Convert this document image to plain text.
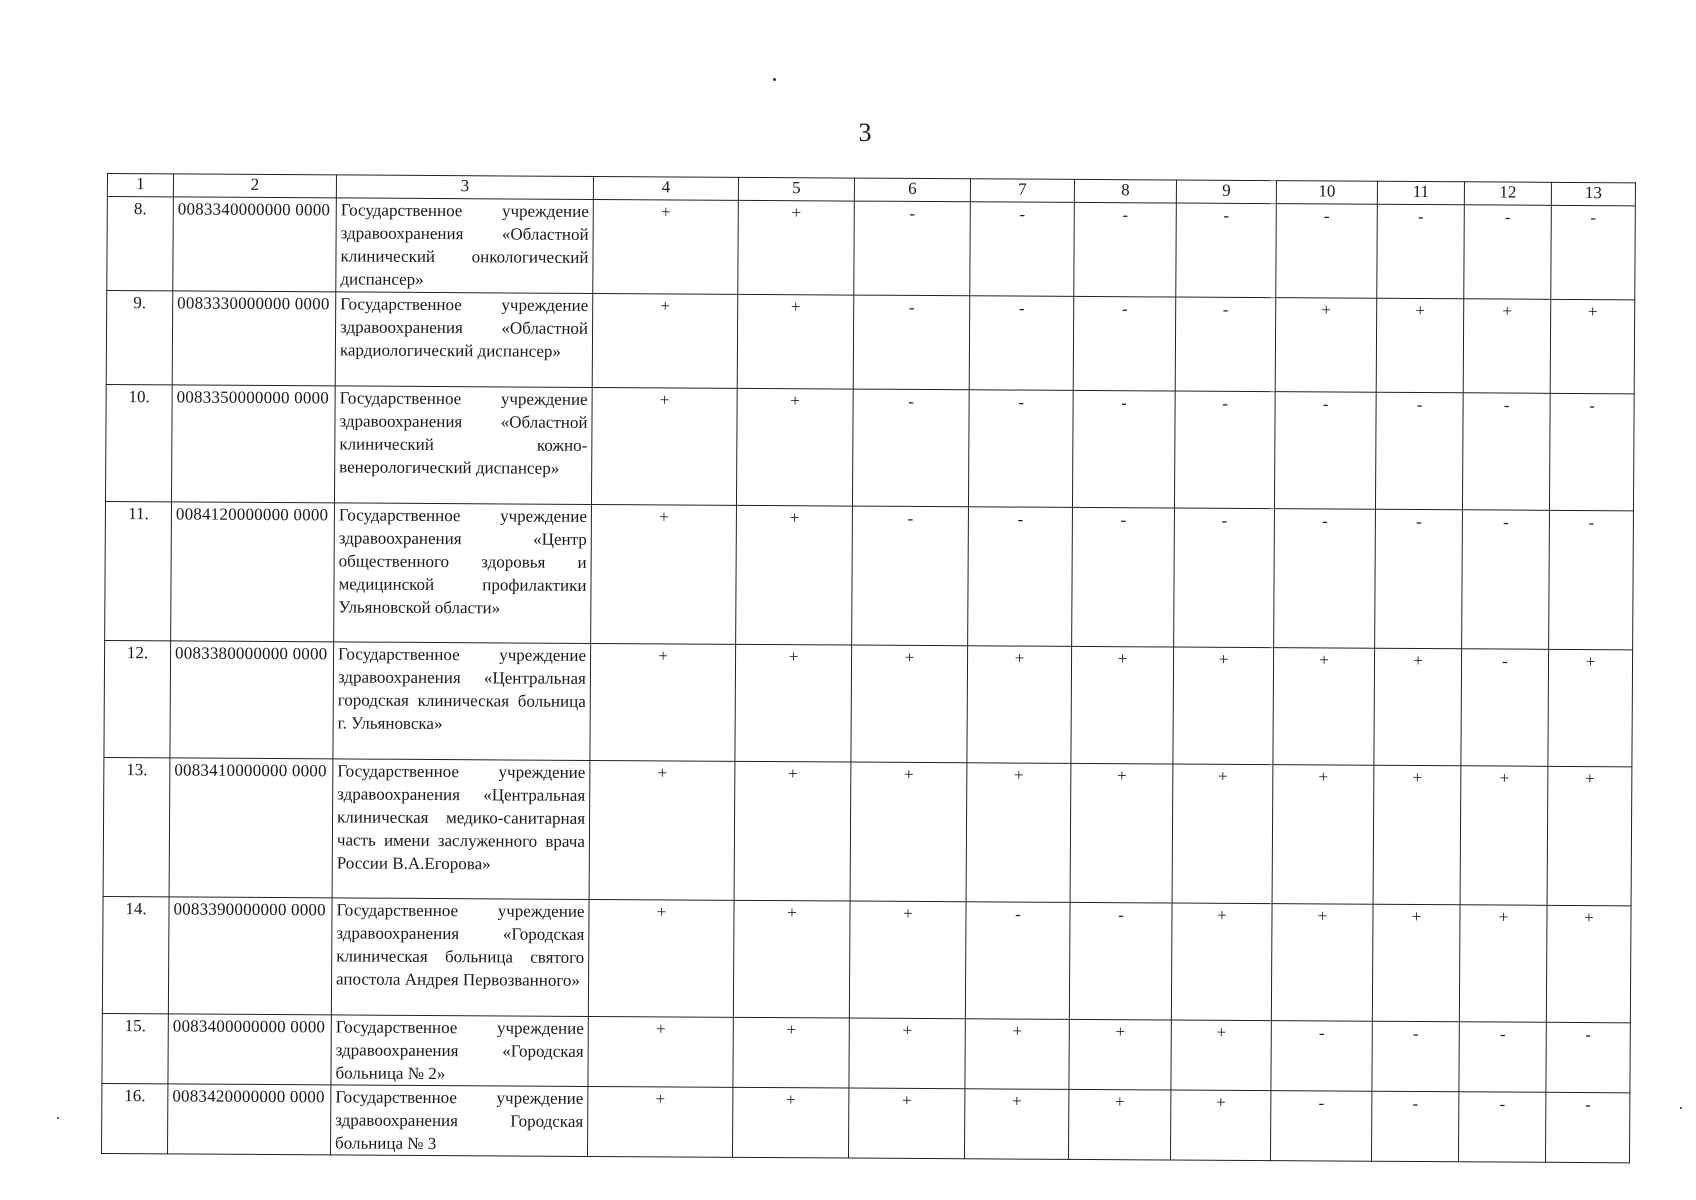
3
1	2	3	4	5	6	7	8	9	10	11	12	13
8.	0083340000000 0000	Государственное учреждение здравоохранения «Областной клинический онкологический диспансер»	+	+	-	-	-	-	-	-	-	-
9.	0083330000000 0000	Государственное учреждение здравоохранения «Областной кардиологический диспансер»	+	+	-	-	-	-	+	+	+	+
10.	0083350000000 0000	Государственное учреждение здравоохранения «Областной клинический кожно-венерологический диспансер»	+	+	-	-	-	-	-	-	-	-
11.	0084120000000 0000	Государственное учреждение здравоохранения «Центр общественного здоровья и медицинской профилактики Ульяновской области»	+	+	-	-	-	-	-	-	-	-
12.	0083380000000 0000	Государственное учреждение здравоохранения «Центральная городская клиническая больница г. Ульяновска»	+	+	+	+	+	+	+	+	-	+
13.	0083410000000 0000	Государственное учреждение здравоохранения «Центральная клиническая медико-санитарная часть имени заслуженного врача России В.А.Егорова»	+	+	+	+	+	+	+	+	+	+
14.	0083390000000 0000	Государственное учреждение здравоохранения «Городская клиническая больница святого апостола Андрея Первозванного»	+	+	+	-	-	+	+	+	+	+
15.	0083400000000 0000	Государственное учреждение здравоохранения «Городская больница № 2»	+	+	+	+	+	+	-	-	-	-
16.	0083420000000 0000	Государственное учреждение здравоохранения Городская больница № 3	+	+	+	+	+	+	-	-	-	-
